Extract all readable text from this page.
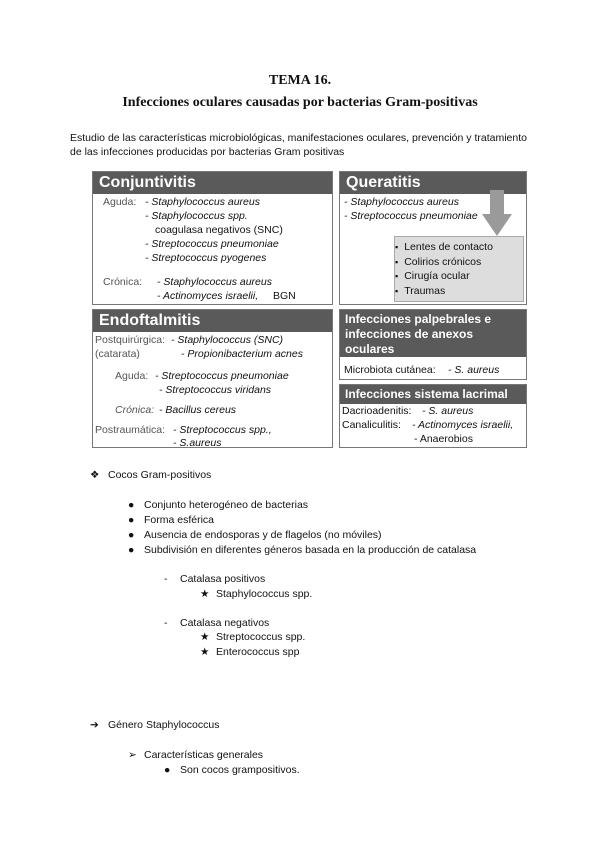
TEMA 16.
Infecciones oculares causadas por bacterias Gram-positivas
Estudio de las características microbiológicas, manifestaciones oculares, prevención y tratamiento de las infecciones producidas por bacterias Gram positivas
Conjuntivitis
Aguda: - Staphylococcus aureus
- Staphylococcus spp.
coagulasa negativos (SNC)
- Streptococcus pneumoniae
- Streptococcus pyogenes
Crónica: - Staphylococcus aureus
- Actinomyces israelii, BGN
Queratitis
- Staphylococcus aureus
- Streptococcus pneumoniae
▪ Lentes de contacto
▪ Colirios crónicos
▪ Cirugía ocular
▪ Traumas
Endoftalmitis
Postquirúrgica: - Staphylococcus (SNC)
(catarata)	- Propionibacterium acnes
Aguda: - Streptococcus pneumoniae
- Streptococcus viridans
Crónica: - Bacillus cereus
Postraumática: - Streptococcus spp.,
- S.aureus
Infecciones palpebrales e infecciones de anexos oculares
Microbiota cutánea: - S. aureus
Infecciones sistema lacrimal
Dacrioadenitis: - S. aureus
Canaliculitis: - Actinomyces israelii,
- Anaerobios
❖ Cocos Gram-positivos
● Conjunto heterogéneo de bacterias
● Forma esférica
● Ausencia de endosporas y de flagelos (no móviles)
● Subdivisión en diferentes géneros basada en la producción de catalasa
- Catalasa positivos
★ Staphylococcus spp.
- Catalasa negativos
★ Streptococcus spp.
★ Enterococcus spp
➔ Género Staphylococcus
➢ Características generales
● Son cocos grampositivos.
